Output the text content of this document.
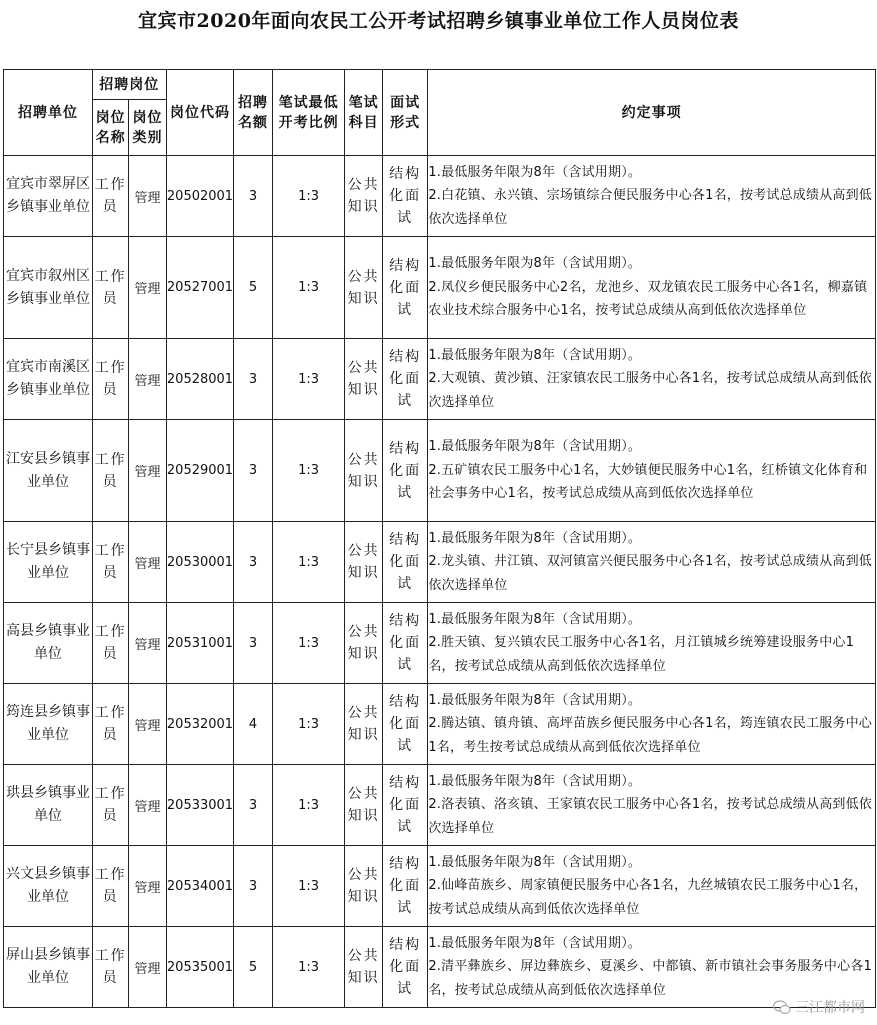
宜宾市2020年面向农民工公开考试招聘乡镇事业单位工作人员岗位表
招聘单位	招聘岗位		岗位代码	招聘名额	笔试最低开考比例	笔试科目	面试形式	约定事项
	岗位名称	岗位类别						
宜宾市翠屏区乡镇事业单位	工作员	管理	20502001	3	1:3	公共知识	结构化面试	1.最低服务年限为8年（含试用期）。
2.白花镇、永兴镇、宗场镇综合便民服务中心各1名，按考试总成绩从高到低依次选择单位

宜宾市叙州区乡镇事业单位	工作员	管理	20527001	5	1:3	公共知识	结构化面试	1.最低服务年限为8年（含试用期）。
2.凤仪乡便民服务中心2名，龙池乡、双龙镇农民工服务中心各1名，柳嘉镇农业技术综合服务中心1名，按考试总成绩从高到低依次选择单位

宜宾市南溪区乡镇事业单位	工作员	管理	20528001	3	1:3	公共知识	结构化面试	1.最低服务年限为8年（含试用期）。
2.大观镇、黄沙镇、汪家镇农民工服务中心各1名，按考试总成绩从高到低依次选择单位

江安县乡镇事业单位	工作员	管理	20529001	3	1:3	公共知识	结构化面试	1.最低服务年限为8年（含试用期）。
2.五矿镇农民工服务中心1名，大妙镇便民服务中心1名，红桥镇文化体育和社会事务中心1名，按考试总成绩从高到低依次选择单位

长宁县乡镇事业单位	工作员	管理	20530001	3	1:3	公共知识	结构化面试	1.最低服务年限为8年（含试用期）。
2.龙头镇、井江镇、双河镇富兴便民服务中心各1名，按考试总成绩从高到低依次选择单位

高县乡镇事业单位	工作员	管理	20531001	3	1:3	公共知识	结构化面试	1.最低服务年限为8年（含试用期）。
2.胜天镇、复兴镇农民工服务中心各1名，月江镇城乡统筹建设服务中心1名，按考试总成绩从高到低依次选择单位

筠连县乡镇事业单位	工作员	管理	20532001	4	1:3	公共知识	结构化面试	1.最低服务年限为8年（含试用期）。
2.腾达镇、镇舟镇、高坪苗族乡便民服务中心各1名，筠连镇农民工服务中心1名，考生按考试总成绩从高到低依次选择单位

珙县乡镇事业单位	工作员	管理	20533001	3	1:3	公共知识	结构化面试	1.最低服务年限为8年（含试用期）。
2.洛表镇、洛亥镇、王家镇农民工服务中心各1名，按考试总成绩从高到低依次选择单位

兴文县乡镇事业单位	工作员	管理	20534001	3	1:3	公共知识	结构化面试	1.最低服务年限为8年（含试用期）。
2.仙峰苗族乡、周家镇便民服务中心各1名，九丝城镇农民工服务中心1名，按考试总成绩从高到低依次选择单位

屏山县乡镇事业单位	工作员	管理	20535001	5	1:3	公共知识	结构化面试	1.最低服务年限为8年（含试用期）。
2.清平彝族乡、屏边彝族乡、夏溪乡、中都镇、新市镇社会事务服务中心各1名，按考试总成绩从高到低依次选择单位
三江都市网
